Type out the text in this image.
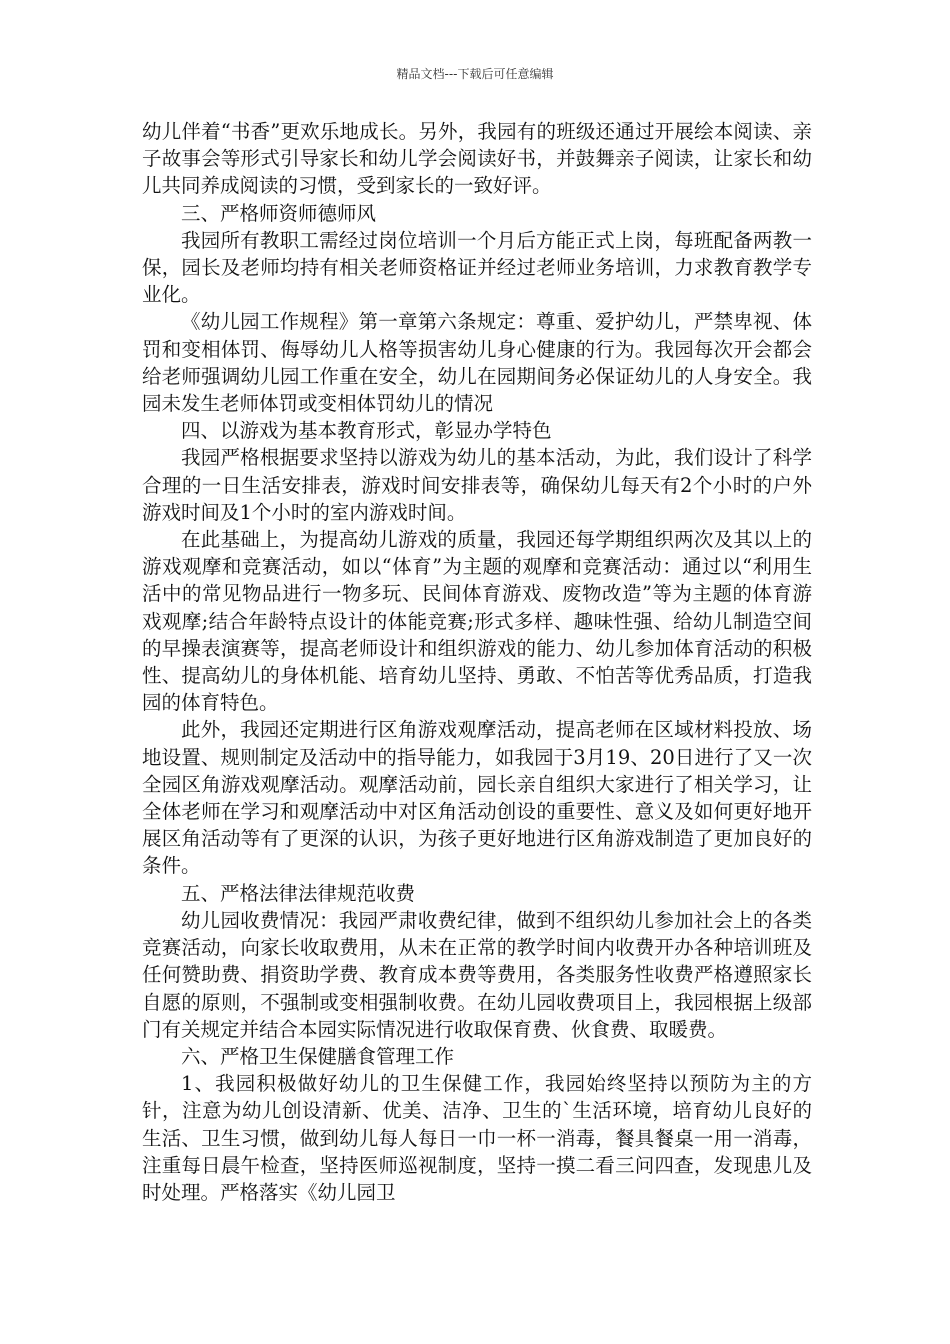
精品文档---下载后可任意编辑

幼儿伴着“书香”更欢乐地成长。另外，我园有的班级还通过开展绘本阅读、亲子故事会等形式引导家长和幼儿学会阅读好书，并鼓舞亲子阅读，让家长和幼儿共同养成阅读的习惯，受到家长的一致好评。

三、严格师资师德师风

我园所有教职工需经过岗位培训一个月后方能正式上岗，每班配备两教一保，园长及老师均持有相关老师资格证并经过老师业务培训，力求教育教学专业化。

《幼儿园工作规程》第一章第六条规定：尊重、爱护幼儿，严禁卑视、体罚和变相体罚、侮辱幼儿人格等损害幼儿身心健康的行为。我园每次开会都会给老师强调幼儿园工作重在安全，幼儿在园期间务必保证幼儿的人身安全。我园未发生老师体罚或变相体罚幼儿的情况

四、以游戏为基本教育形式，彰显办学特色

我园严格根据要求坚持以游戏为幼儿的基本活动，为此，我们设计了科学合理的一日生活安排表，游戏时间安排表等，确保幼儿每天有2个小时的户外游戏时间及1个小时的室内游戏时间。

在此基础上，为提高幼儿游戏的质量，我园还每学期组织两次及其以上的游戏观摩和竞赛活动，如以“体育”为主题的观摩和竞赛活动：通过以“利用生活中的常见物品进行一物多玩、民间体育游戏、废物改造”等为主题的体育游戏观摩;结合年龄特点设计的体能竞赛;形式多样、趣味性强、给幼儿制造空间的早操表演赛等，提高老师设计和组织游戏的能力、幼儿参加体育活动的积极性、提高幼儿的身体机能、培育幼儿坚持、勇敢、不怕苦等优秀品质，打造我园的体育特色。

此外，我园还定期进行区角游戏观摩活动，提高老师在区域材料投放、场地设置、规则制定及活动中的指导能力，如我园于3月19、20日进行了又一次全园区角游戏观摩活动。观摩活动前，园长亲自组织大家进行了相关学习，让全体老师在学习和观摩活动中对区角活动创设的重要性、意义及如何更好地开展区角活动等有了更深的认识，为孩子更好地进行区角游戏制造了更加良好的条件。

五、严格法律法律规范收费

幼儿园收费情况：我园严肃收费纪律，做到不组织幼儿参加社会上的各类竞赛活动，向家长收取费用，从未在正常的教学时间内收费开办各种培训班及任何赞助费、捐资助学费、教育成本费等费用，各类服务性收费严格遵照家长自愿的原则，不强制或变相强制收费。在幼儿园收费项目上，我园根据上级部门有关规定并结合本园实际情况进行收取保育费、伙食费、取暖费。

六、严格卫生保健膳食管理工作

1、我园积极做好幼儿的卫生保健工作，我园始终坚持以预防为主的方针，注意为幼儿创设清新、优美、洁净、卫生的`生活环境，培育幼儿良好的生活、卫生习惯，做到幼儿每人每日一巾一杯一消毒，餐具餐桌一用一消毒，注重每日晨午检查，坚持医师巡视制度，坚持一摸二看三问四查，发现患儿及时处理。严格落实《幼儿园卫
